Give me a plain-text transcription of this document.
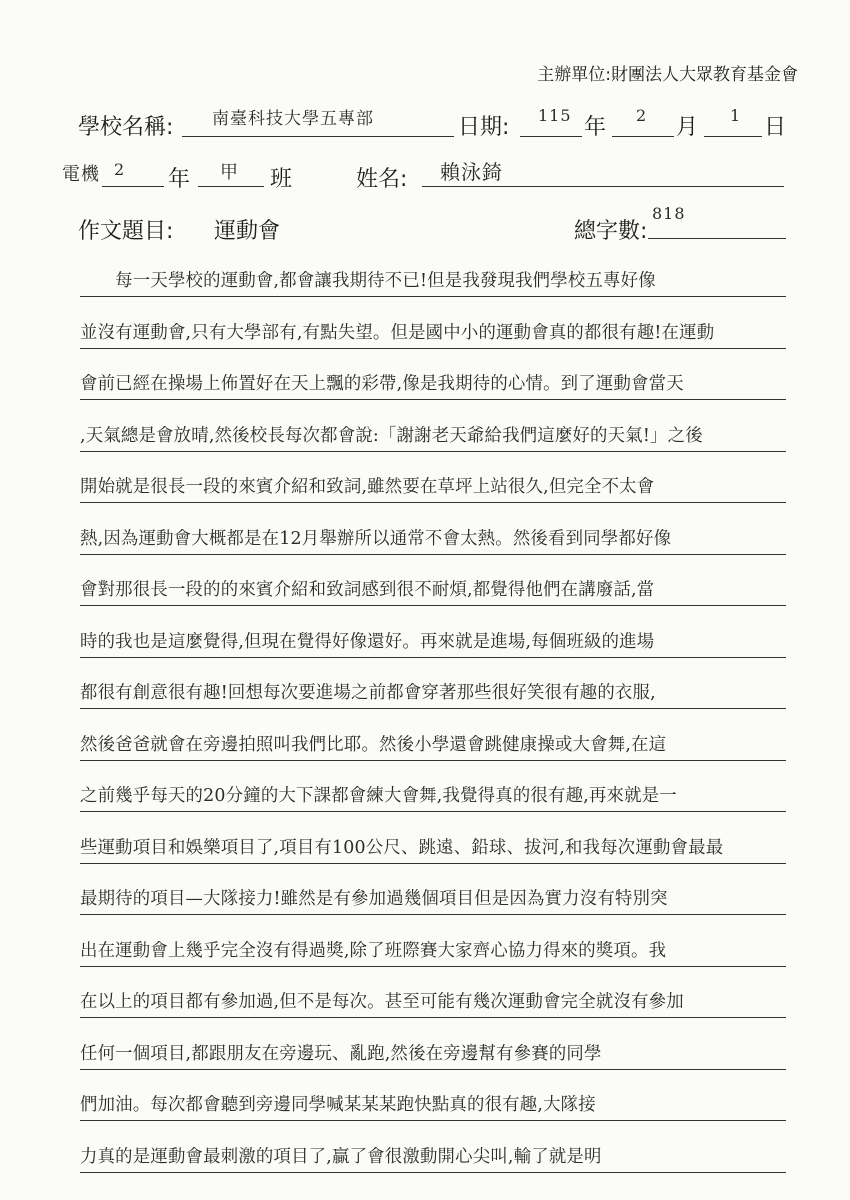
主辦單位:財團法人大眾教育基金會
學校名稱: 南臺科技大學五專部	日期: 115 年 2 月 1 日
電機 2 年 甲 班	姓名: 賴泳錡
作文題目: 運動會	總字數:
818
　　每一天學校的運動會,都會讓我期待不已!但是我發現我們學校五專好像
並沒有運動會,只有大學部有,有點失望。但是國中小的運動會真的都很有趣!在運動
會前已經在操場上佈置好在天上飄的彩帶,像是我期待的心情。到了運動會當天
,天氣總是會放晴,然後校長每次都會說:「謝謝老天爺給我們這麼好的天氣!」之後
開始就是很長一段的來賓介紹和致詞,雖然要在草坪上站很久,但完全不太會
熱,因為運動會大概都是在12月舉辦所以通常不會太熱。然後看到同學都好像
會對那很長一段的的來賓介紹和致詞感到很不耐煩,都覺得他們在講廢話,當
時的我也是這麼覺得,但現在覺得好像還好。再來就是進場,每個班級的進場
都很有創意很有趣!回想每次要進場之前都會穿著那些很好笑很有趣的衣服,
然後爸爸就會在旁邊拍照叫我們比耶。然後小學還會跳健康操或大會舞,在這
之前幾乎每天的20分鐘的大下課都會練大會舞,我覺得真的很有趣,再來就是一
些運動項目和娛樂項目了,項目有100公尺、跳遠、鉛球、拔河,和我每次運動會最最
最期待的項目—大隊接力!雖然是有參加過幾個項目但是因為實力沒有特別突
出在運動會上幾乎完全沒有得過獎,除了班際賽大家齊心協力得來的獎項。我
在以上的項目都有參加過,但不是每次。甚至可能有幾次運動會完全就沒有參加
任何一個項目,都跟朋友在旁邊玩、亂跑,然後在旁邊幫有參賽的同學
們加油。每次都會聽到旁邊同學喊某某某跑快點真的很有趣,大隊接
力真的是運動會最刺激的項目了,贏了會很激動開心尖叫,輸了就是明
